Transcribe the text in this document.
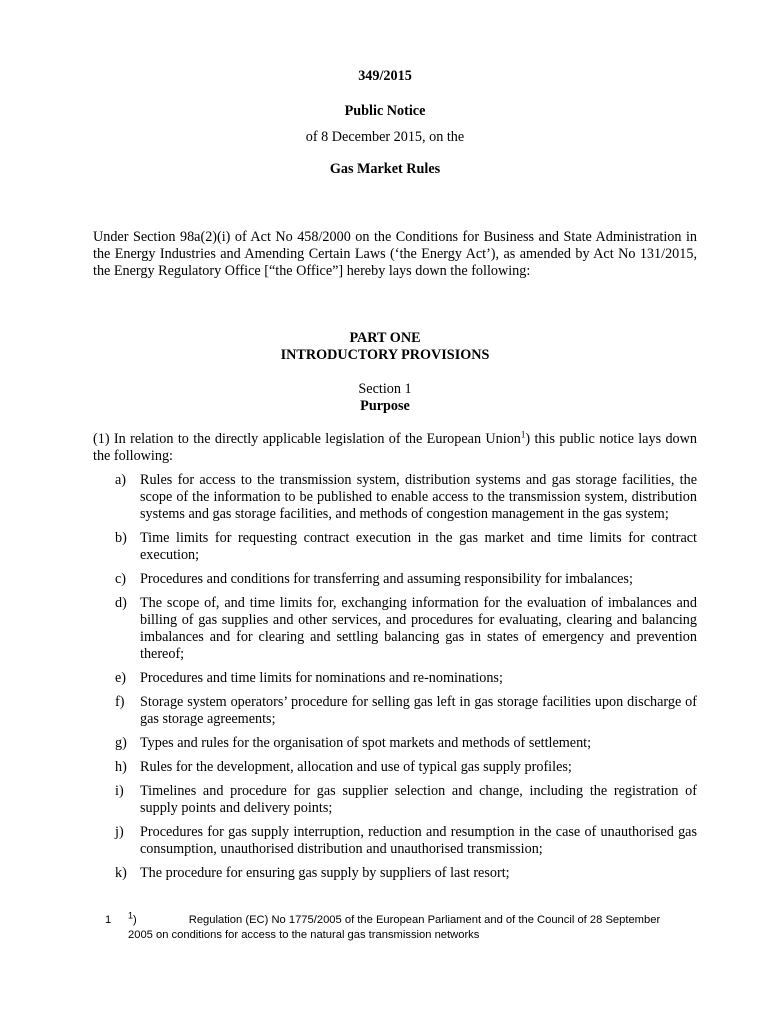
349/2015
Public Notice
of 8 December 2015, on the
Gas Market Rules
Under Section 98a(2)(i) of Act No 458/2000 on the Conditions for Business and State Administration in the Energy Industries and Amending Certain Laws (‘the Energy Act’), as amended by Act No 131/2015, the Energy Regulatory Office [“the Office”] hereby lays down the following:
PART ONE
INTRODUCTORY PROVISIONS
Section 1
Purpose
(1) In relation to the directly applicable legislation of the European Union$^1$) this public notice lays down the following:
a) Rules for access to the transmission system, distribution systems and gas storage facilities, the scope of the information to be published to enable access to the transmission system, distribution systems and gas storage facilities, and methods of congestion management in the gas system;
b) Time limits for requesting contract execution in the gas market and time limits for contract execution;
c) Procedures and conditions for transferring and assuming responsibility for imbalances;
d) The scope of, and time limits for, exchanging information for the evaluation of imbalances and billing of gas supplies and other services, and procedures for evaluating, clearing and balancing imbalances and for clearing and settling balancing gas in states of emergency and prevention thereof;
e) Procedures and time limits for nominations and re-nominations;
f) Storage system operators’ procedure for selling gas left in gas storage facilities upon discharge of gas storage agreements;
g) Types and rules for the organisation of spot markets and methods of settlement;
h) Rules for the development, allocation and use of typical gas supply profiles;
i) Timelines and procedure for gas supplier selection and change, including the registration of supply points and delivery points;
j) Procedures for gas supply interruption, reduction and resumption in the case of unauthorised gas consumption, unauthorised distribution and unauthorised transmission;
k) The procedure for ensuring gas supply by suppliers of last resort;
1 $^1$)	Regulation (EC) No 1775/2005 of the European Parliament and of the Council of 28 September 2005 on conditions for access to the natural gas transmission networks
